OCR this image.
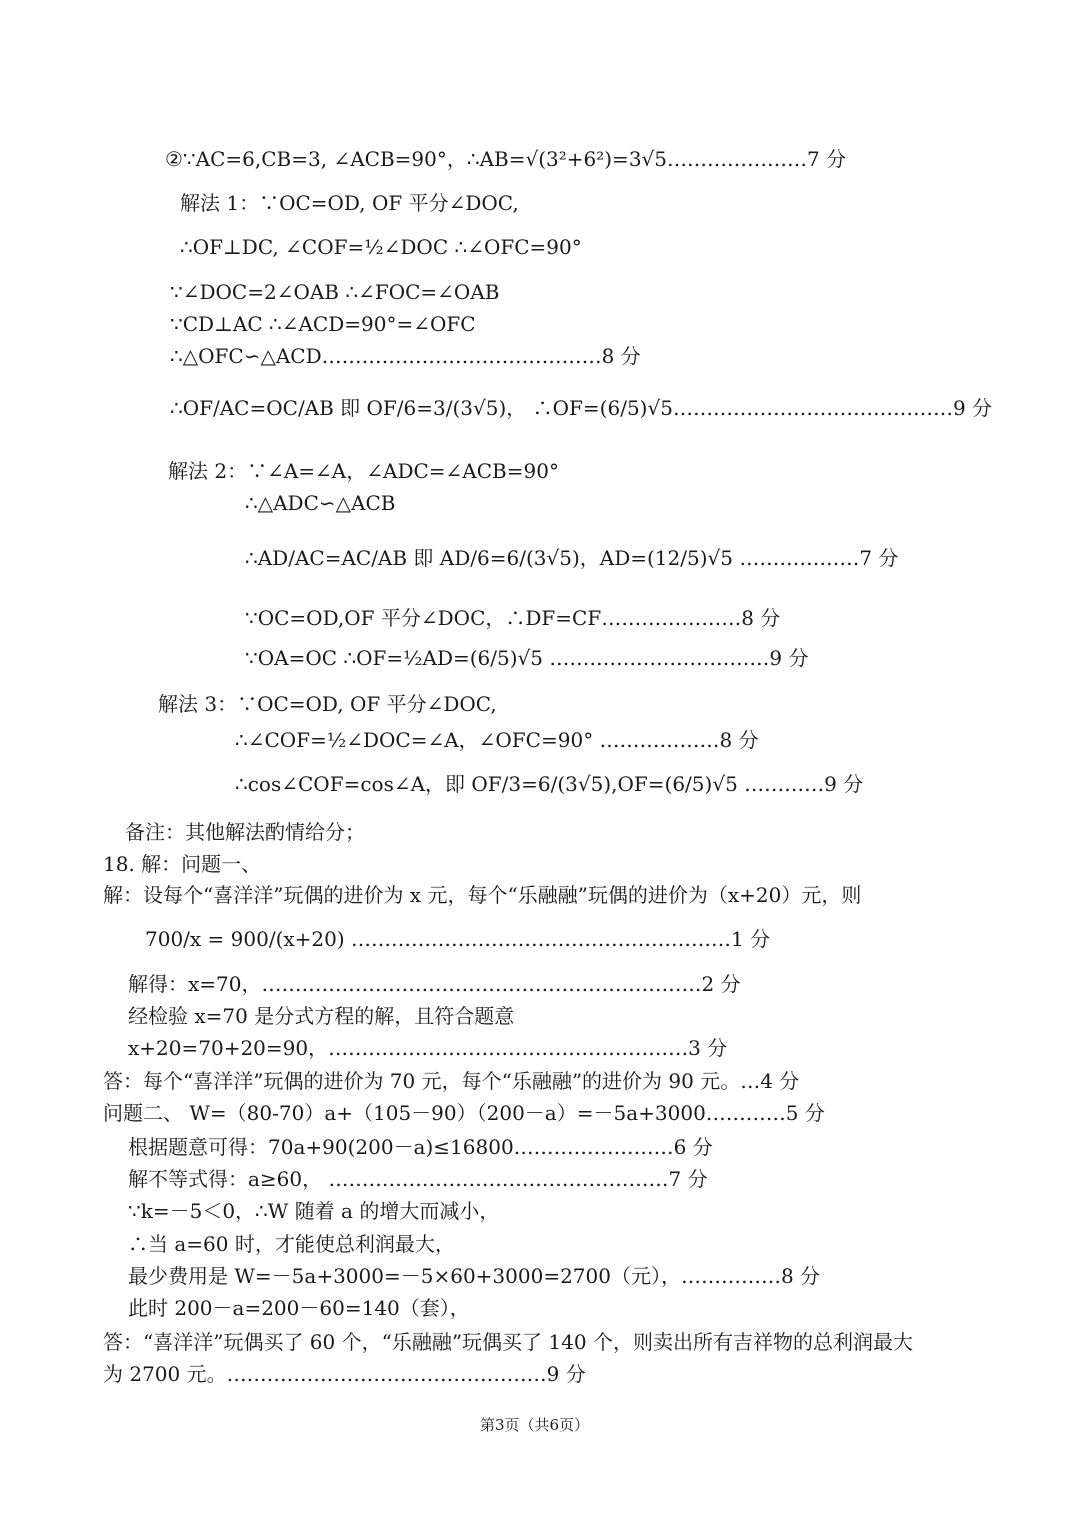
②∵AC=6,CB=3, ∠ACB=90°，∴AB=√(3²+6²)=3√5…………………7 分
解法 1：∵OC=OD, OF 平分∠DOC,
∴OF⊥DC, ∠COF=½∠DOC ∴∠OFC=90°
∵∠DOC=2∠OAB ∴∠FOC=∠OAB
∵CD⊥AC ∴∠ACD=90°=∠OFC
∴△OFC∽△ACD……………………………………8 分
∴OF/AC=OC/AB 即 OF/6=3/(3√5)， ∴OF=(6/5)√5……………………………………9 分
解法 2：∵∠A=∠A，∠ADC=∠ACB=90°
∴△ADC∽△ACB
∴AD/AC=AC/AB 即 AD/6=6/(3√5)，AD=(12/5)√5 ………………7 分
∵OC=OD,OF 平分∠DOC，∴DF=CF…………………8 分
∵OA=OC ∴OF=½AD=(6/5)√5 ……………………………9 分
解法 3：∵OC=OD, OF 平分∠DOC,
∴∠COF=½∠DOC=∠A，∠OFC=90° ………………8 分
∴cos∠COF=cos∠A，即 OF/3=6/(3√5),OF=(6/5)√5 …………9 分
备注：其他解法酌情给分；
18. 解：问题一、
解：设每个“喜洋洋”玩偶的进价为 x 元，每个“乐融融”玩偶的进价为（x+20）元，则
700/x = 900/(x+20) …………………………………………………1 分
解得：x=70，…………………………………………………………2 分
经检验 x=70 是分式方程的解，且符合题意
x+20=70+20=90，………………………………………………3 分
答：每个“喜洋洋”玩偶的进价为 70 元，每个“乐融融”的进价为 90 元。…4 分
问题二、 W=（80-70）a+（105－90）（200－a）=－5a+3000…………5 分
根据题意可得：70a+90(200－a)≤16800……………………6 分
解不等式得：a≥60， ……………………………………………7 分
∵k=－5＜0，∴W 随着 a 的增大而减小，
∴当 a=60 时，才能使总利润最大，
最少费用是 W=－5a+3000=－5×60+3000=2700（元），……………8 分
此时 200－a=200－60=140（套），
答：“喜洋洋”玩偶买了 60 个，“乐融融”玩偶买了 140 个，则卖出所有吉祥物的总利润最大
为 2700 元。…………………………………………9 分
第3页（共6页）
